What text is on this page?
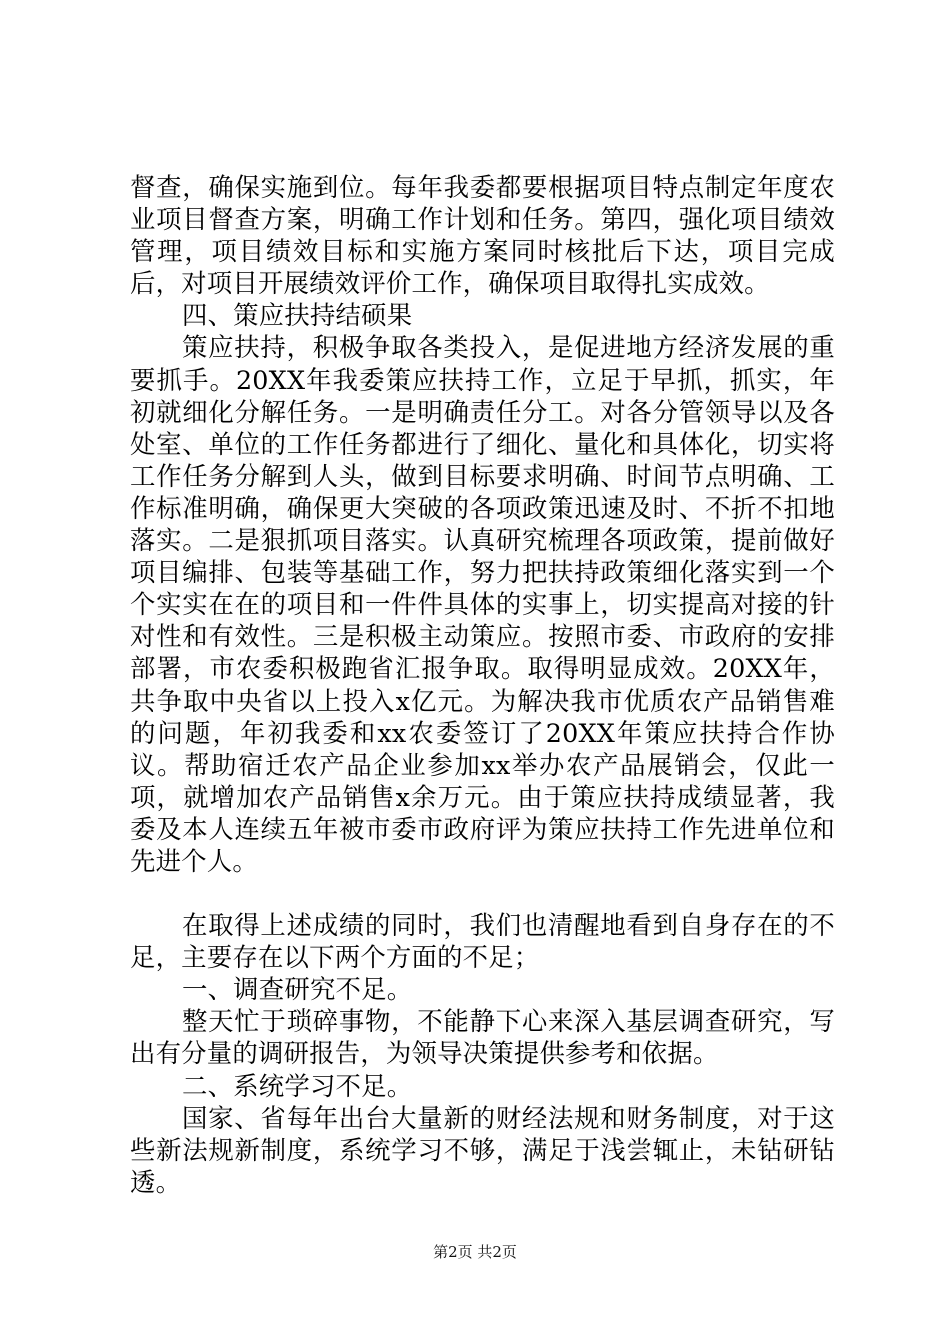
督查，确保实施到位。每年我委都要根据项目特点制定年度农业项目督查方案，明确工作计划和任务。第四，强化项目绩效管理，项目绩效目标和实施方案同时核批后下达，项目完成后，对项目开展绩效评价工作，确保项目取得扎实成效。

四、策应扶持结硕果

策应扶持，积极争取各类投入，是促进地方经济发展的重要抓手。20XX年我委策应扶持工作，立足于早抓，抓实，年初就细化分解任务。一是明确责任分工。对各分管领导以及各处室、单位的工作任务都进行了细化、量化和具体化，切实将工作任务分解到人头，做到目标要求明确、时间节点明确、工作标准明确，确保更大突破的各项政策迅速及时、不折不扣地落实。二是狠抓项目落实。认真研究梳理各项政策，提前做好项目编排、包装等基础工作，努力把扶持政策细化落实到一个个实实在在的项目和一件件具体的实事上，切实提高对接的针对性和有效性。三是积极主动策应。按照市委、市政府的安排部署，市农委积极跑省汇报争取。取得明显成效。20XX年，共争取中央省以上投入x亿元。为解决我市优质农产品销售难的问题，年初我委和xx农委签订了20XX年策应扶持合作协议。帮助宿迁农产品企业参加xx举办农产品展销会，仅此一项，就增加农产品销售x余万元。由于策应扶持成绩显著，我委及本人连续五年被市委市政府评为策应扶持工作先进单位和先进个人。

在取得上述成绩的同时，我们也清醒地看到自身存在的不足，主要存在以下两个方面的不足；

一、调查研究不足。

整天忙于琐碎事物，不能静下心来深入基层调查研究，写出有分量的调研报告，为领导决策提供参考和依据。

二、系统学习不足。

国家、省每年出台大量新的财经法规和财务制度，对于这些新法规新制度，系统学习不够，满足于浅尝辄止，未钻研钻透。

第2页 共2页
